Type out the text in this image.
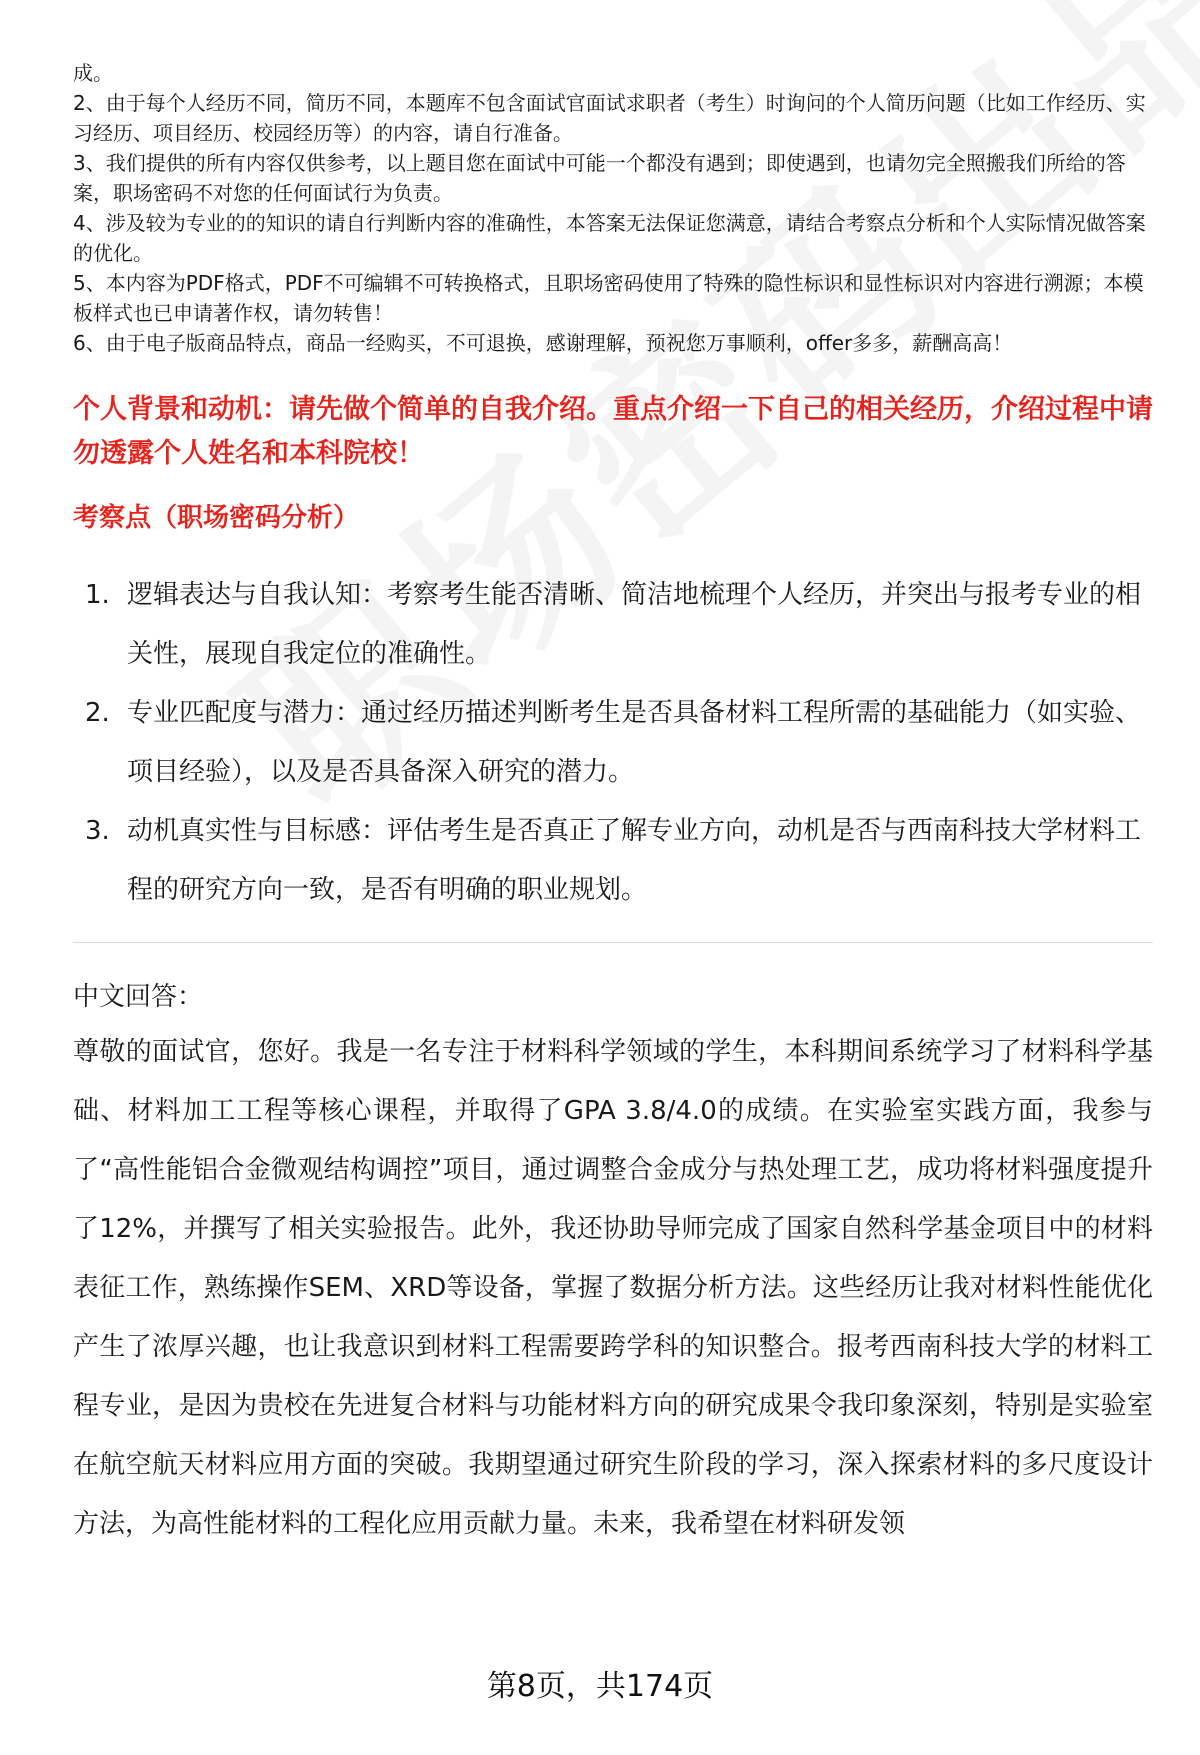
成。
2、由于每个人经历不同，简历不同，本题库不包含面试官面试求职者（考生）时询问的个人简历问题（比如工作经历、实习经历、项目经历、校园经历等）的内容，请自行准备。
3、我们提供的所有内容仅供参考，以上题目您在面试中可能一个都没有遇到；即使遇到，也请勿完全照搬我们所给的答案，职场密码不对您的任何面试行为负责。
4、涉及较为专业的的知识的请自行判断内容的准确性，本答案无法保证您满意，请结合考察点分析和个人实际情况做答案的优化。
5、本内容为PDF格式，PDF不可编辑不可转换格式，且职场密码使用了特殊的隐性标识和显性标识对内容进行溯源；本模板样式也已申请著作权，请勿转售！
6、由于电子版商品特点，商品一经购买，不可退换，感谢理解，预祝您万事顺利，offer多多，薪酬高高！
个人背景和动机：请先做个简单的自我介绍。重点介绍一下自己的相关经历，介绍过程中请勿透露个人姓名和本科院校！
考察点（职场密码分析）
1. 逻辑表达与自我认知：考察考生能否清晰、简洁地梳理个人经历，并突出与报考专业的相关性，展现自我定位的准确性。
2. 专业匹配度与潜力：通过经历描述判断考生是否具备材料工程所需的基础能力（如实验、项目经验），以及是否具备深入研究的潜力。
3. 动机真实性与目标感：评估考生是否真正了解专业方向，动机是否与西南科技大学材料工程的研究方向一致，是否有明确的职业规划。
中文回答：
尊敬的面试官，您好。我是一名专注于材料科学领域的学生，本科期间系统学习了材料科学基础、材料加工工程等核心课程，并取得了GPA 3.8/4.0的成绩。在实验室实践方面，我参与了“高性能铝合金微观结构调控”项目，通过调整合金成分与热处理工艺，成功将材料强度提升了12%，并撰写了相关实验报告。此外，我还协助导师完成了国家自然科学基金项目中的材料表征工作，熟练操作SEM、XRD等设备，掌握了数据分析方法。这些经历让我对材料性能优化产生了浓厚兴趣，也让我意识到材料工程需要跨学科的知识整合。报考西南科技大学的材料工程专业，是因为贵校在先进复合材料与功能材料方向的研究成果令我印象深刻，特别是实验室在航空航天材料应用方面的突破。我期望通过研究生阶段的学习，深入探索材料的多尺度设计方法，为高性能材料的工程化应用贡献力量。未来，我希望在材料研发领
第8页，共174页
